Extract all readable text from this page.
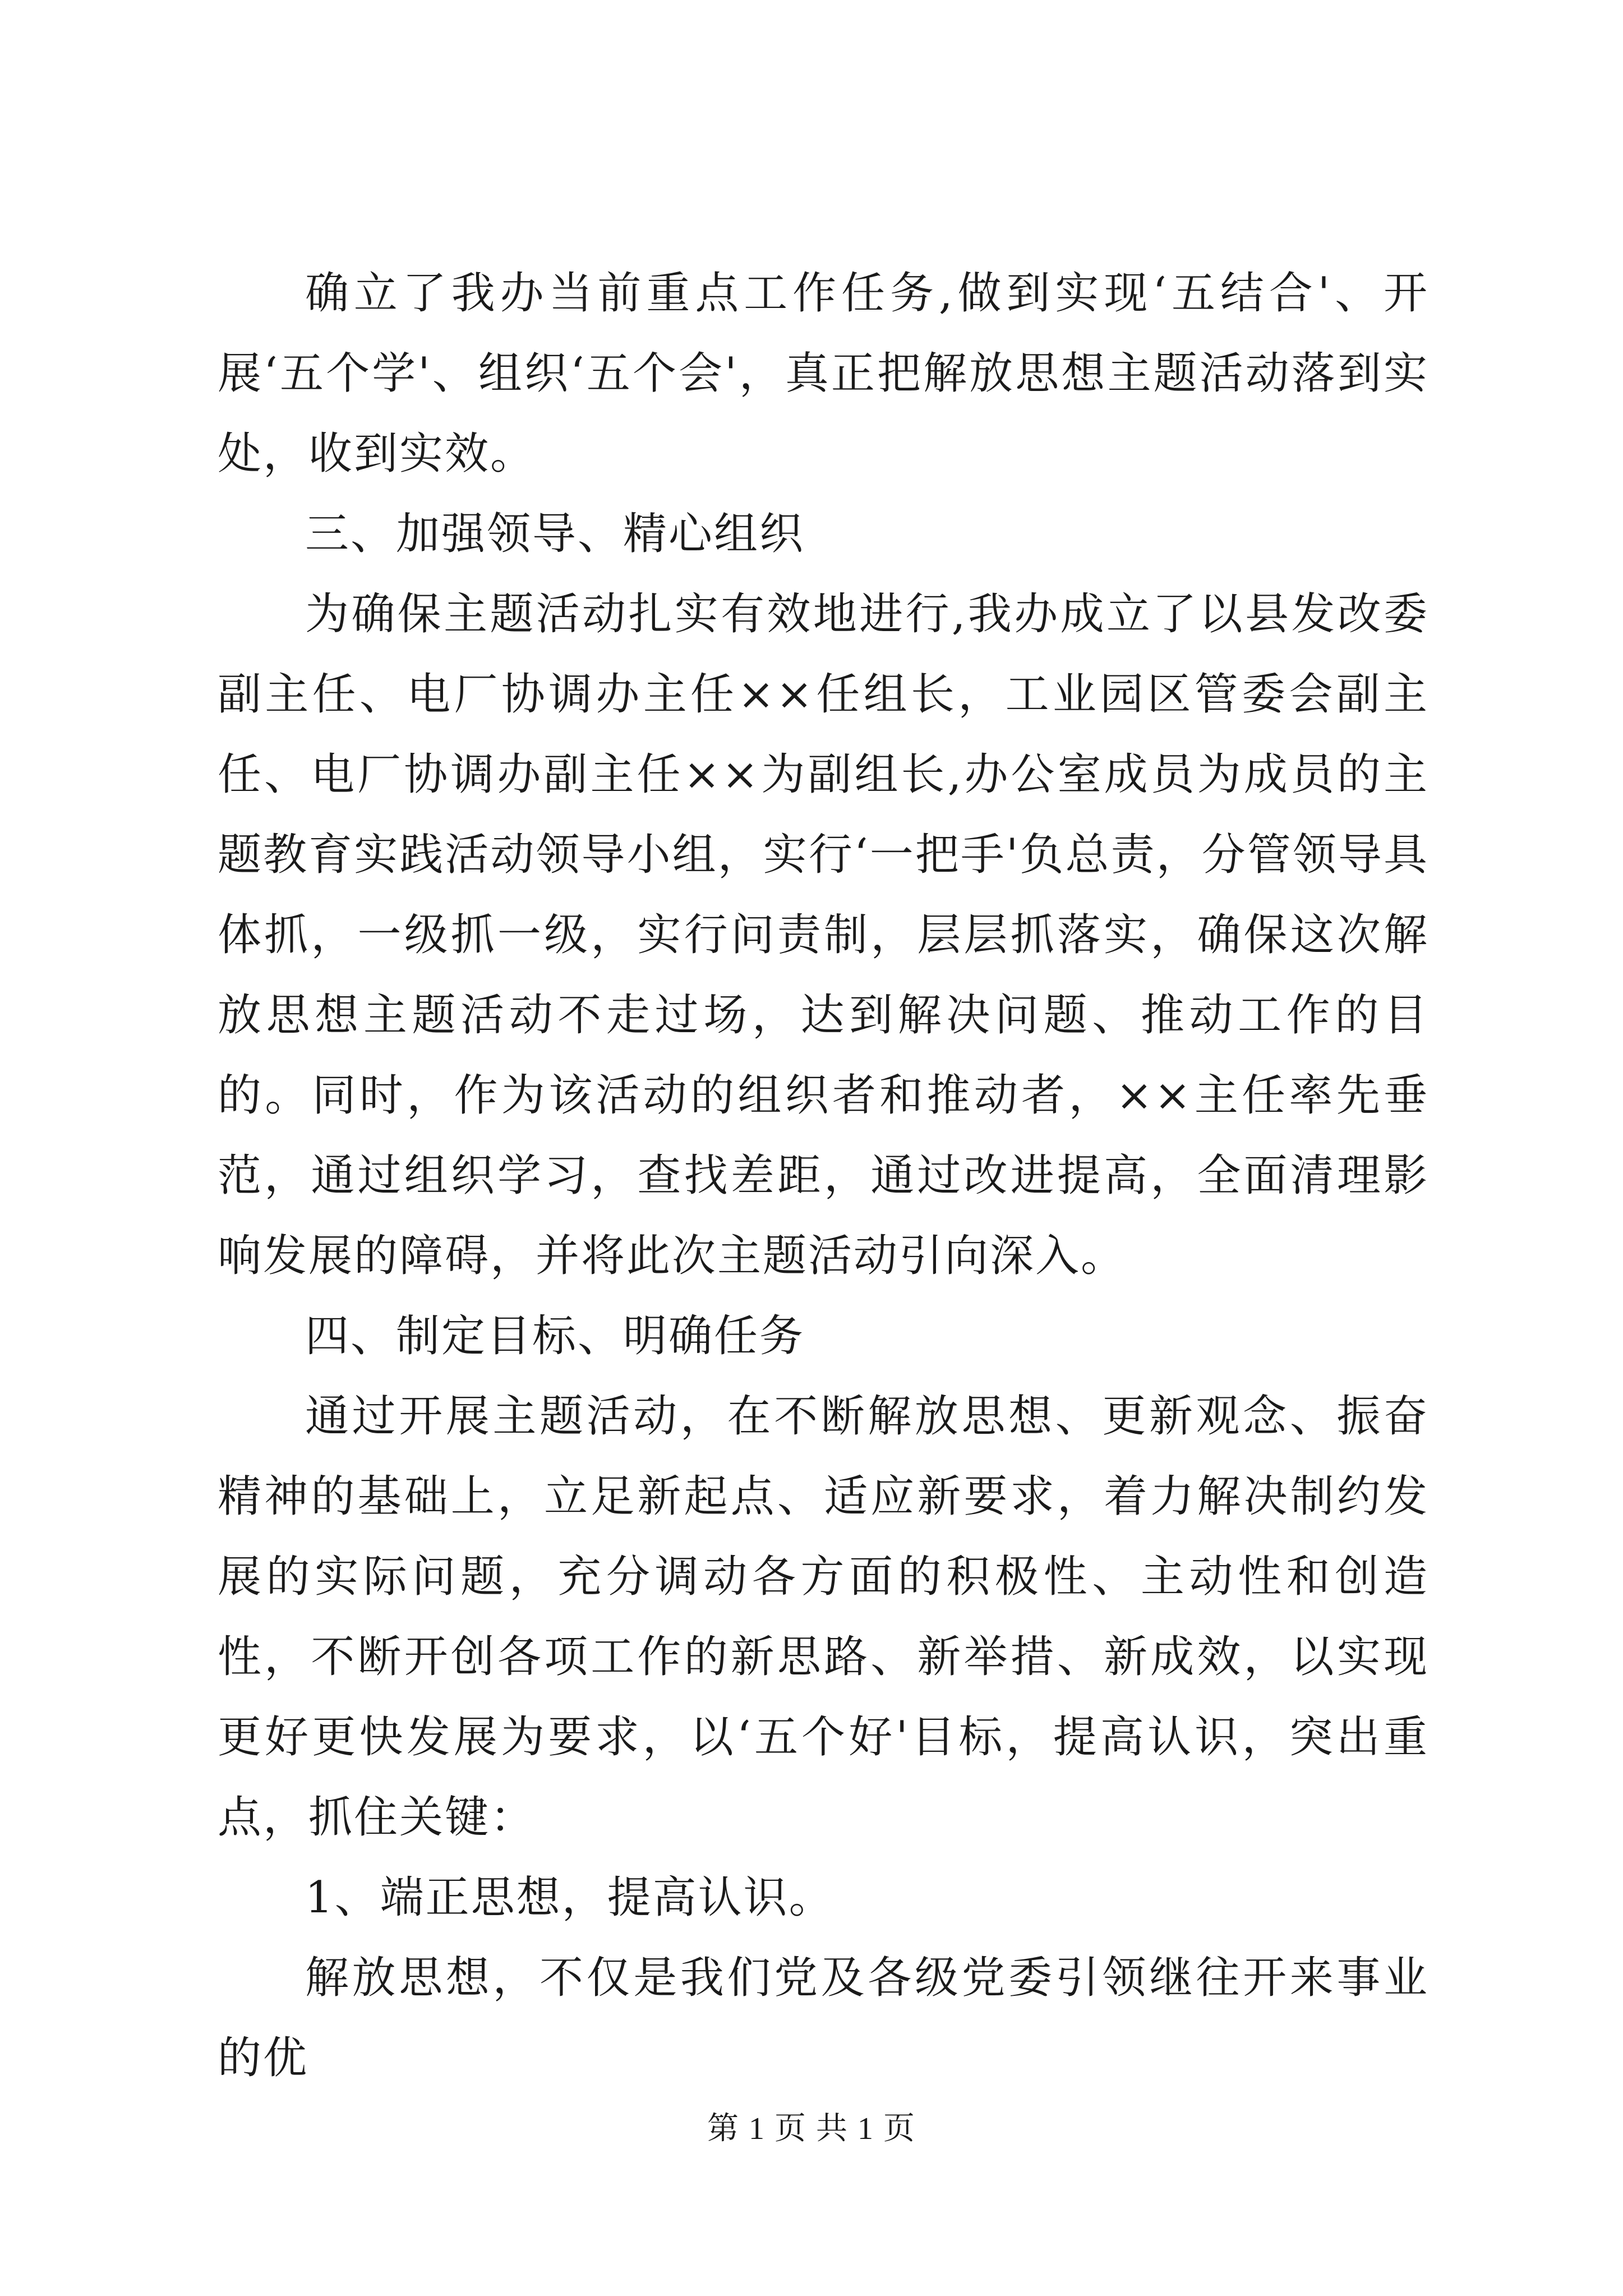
确立了我办当前重点工作任务,做到实现‘五结合'、开展‘五个学'、组织‘五个会'，真正把解放思想主题活动落到实处，收到实效。

三、加强领导、精心组织

为确保主题活动扎实有效地进行,我办成立了以县发改委副主任、电厂协调办主任××任组长，工业园区管委会副主任、电厂协调办副主任××为副组长,办公室成员为成员的主题教育实践活动领导小组，实行‘一把手'负总责，分管领导具体抓，一级抓一级，实行问责制，层层抓落实，确保这次解放思想主题活动不走过场，达到解决问题、推动工作的目的。同时，作为该活动的组织者和推动者，××主任率先垂范，通过组织学习，查找差距，通过改进提高，全面清理影响发展的障碍，并将此次主题活动引向深入。

四、制定目标、明确任务

通过开展主题活动，在不断解放思想、更新观念、振奋精神的基础上，立足新起点、适应新要求，着力解决制约发展的实际问题，充分调动各方面的积极性、主动性和创造性，不断开创各项工作的新思路、新举措、新成效，以实现更好更快发展为要求，以‘五个好'目标，提高认识，突出重点，抓住关键：

1、端正思想，提高认识。

解放思想，不仅是我们党及各级党委引领继往开来事业的优

第 1 页 共 1 页
